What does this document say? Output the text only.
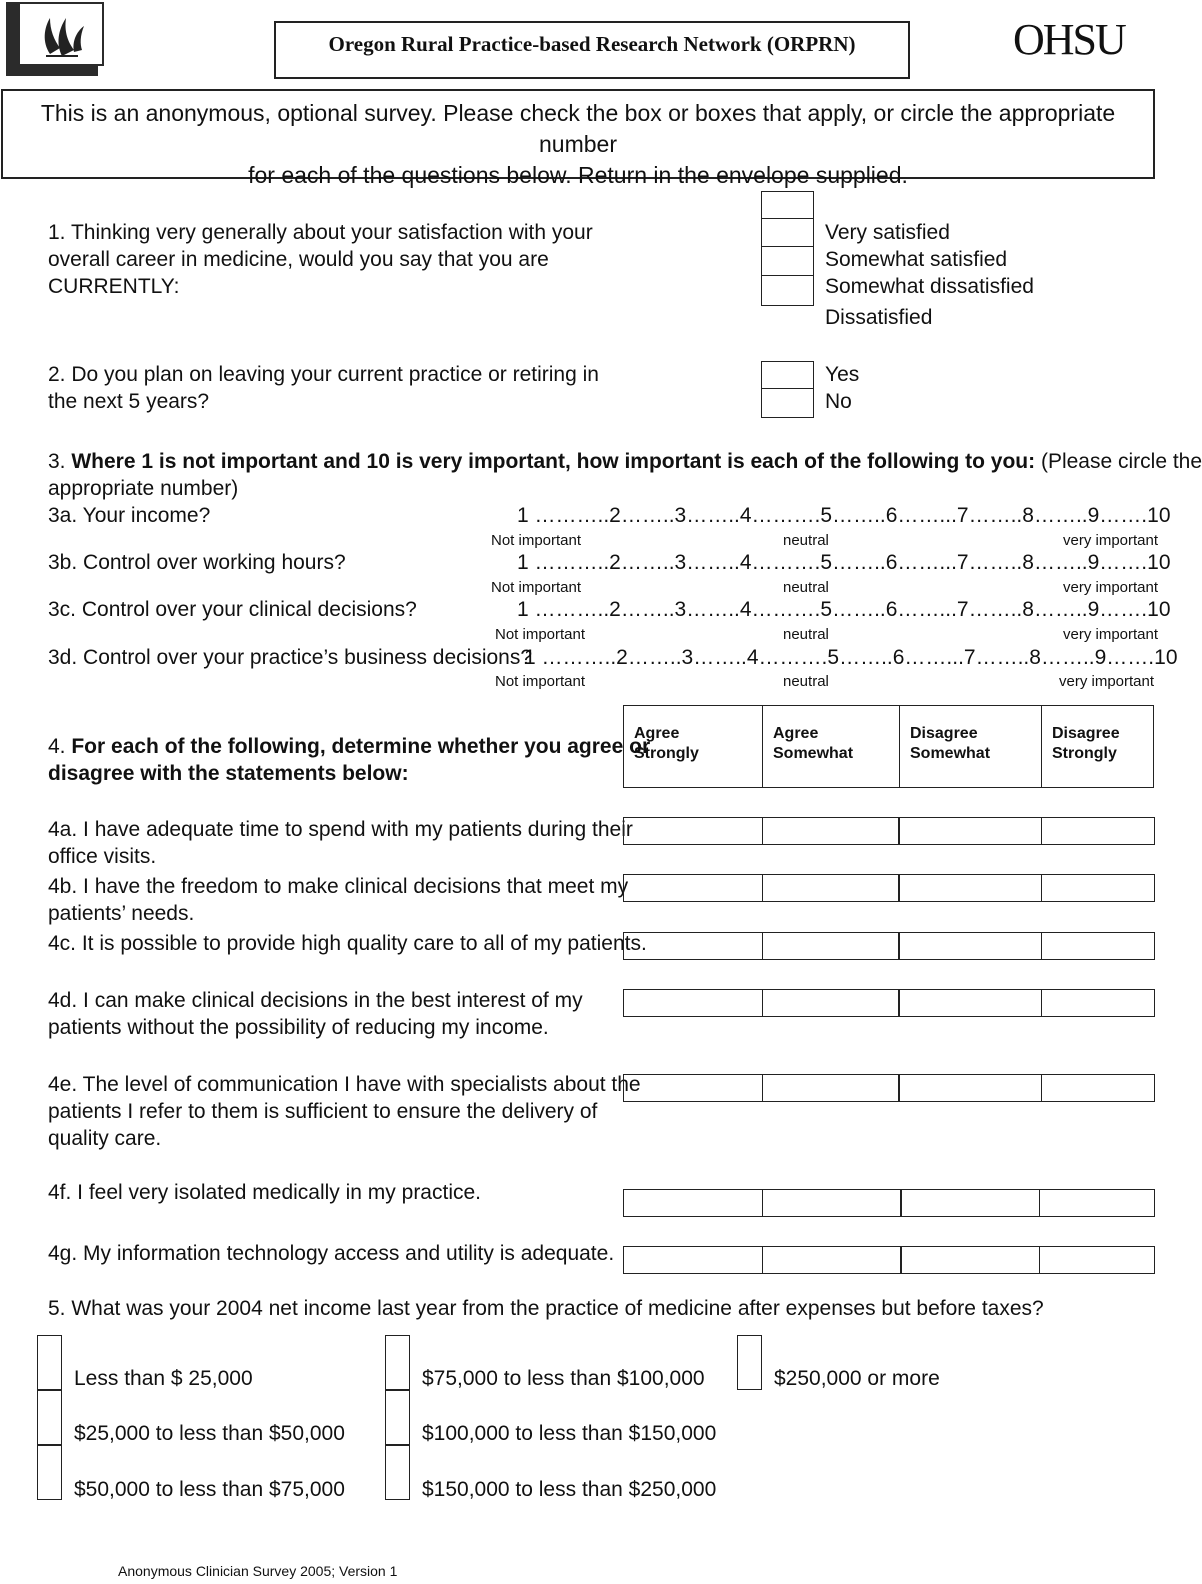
Oregon Rural Practice-based Research Network (ORPRN)	OHSU
This is an anonymous, optional survey. Please check the box or boxes that apply, or circle the appropriate number
for each of the questions below. Return in the envelope supplied.
1. Thinking very generally about your satisfaction with your
overall career in medicine, would you say that you are
CURRENTLY:
Very satisfied
Somewhat satisfied
Somewhat dissatisfied
Dissatisfied
2. Do you plan on leaving your current practice or retiring in
the next 5 years?
Yes
No
3. Where 1 is not important and 10 is very important, how important is each of the following to you: (Please circle the
appropriate number)
3a. Your income?	1 ………..2……..3……..4……….5……..6……...7……..8……..9…….10
Not important	neutral	very important
3b. Control over working hours?	1 ………..2……..3……..4……….5……..6……...7……..8……..9…….10
Not important	neutral	very important
3c. Control over your clinical decisions?	1 ………..2……..3……..4……….5……..6……...7……..8……..9…….10
Not important	neutral	very important
3d. Control over your practice’s business decisions?
1 ………..2……..3……..4……….5……..6……...7……..8……..9…….10
Not important	neutral	very important
4. For each of the following, determine whether you agree or
disagree with the statements below:
Agree
Strongly

Agree
Somewhat

Disagree
Somewhat

Disagree
Strongly
4a. I have adequate time to spend with my patients during their
office visits.
4b. I have the freedom to make clinical decisions that meet my
patients’ needs.
4c. It is possible to provide high quality care to all of my patients.
4d. I can make clinical decisions in the best interest of my
patients without the possibility of reducing my income.
4e. The level of communication I have with specialists about the
patients I refer to them is sufficient to ensure the delivery of
quality care.
4f. I feel very isolated medically in my practice.
4g. My information technology access and utility is adequate.
5. What was your 2004 net income last year from the practice of medicine after expenses but before taxes?
Less than $ 25,000
$25,000 to less than $50,000
$50,000 to less than $75,000
$75,000 to less than $100,000
$100,000 to less than $150,000
$150,000 to less than $250,000
$250,000 or more
Anonymous Clinician Survey 2005; Version 1
